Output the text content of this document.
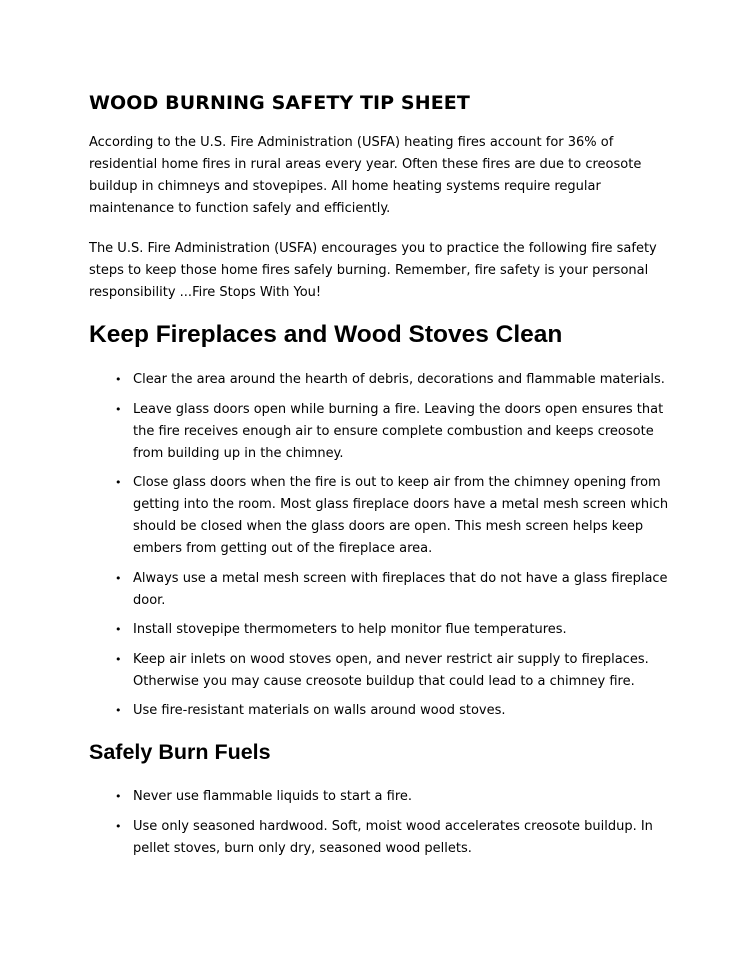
WOOD BURNING SAFETY TIP SHEET

According to the U.S. Fire Administration (USFA) heating fires account for 36% of residential home fires in rural areas every year. Often these fires are due to creosote buildup in chimneys and stovepipes. All home heating systems require regular maintenance to function safely and efficiently.

The U.S. Fire Administration (USFA) encourages you to practice the following fire safety steps to keep those home fires safely burning. Remember, fire safety is your personal responsibility ...Fire Stops With You!

Keep Fireplaces and Wood Stoves Clean
• Clear the area around the hearth of debris, decorations and flammable materials.
• Leave glass doors open while burning a fire. Leaving the doors open ensures that the fire receives enough air to ensure complete combustion and keeps creosote from building up in the chimney.
• Close glass doors when the fire is out to keep air from the chimney opening from getting into the room. Most glass fireplace doors have a metal mesh screen which should be closed when the glass doors are open. This mesh screen helps keep embers from getting out of the fireplace area.
• Always use a metal mesh screen with fireplaces that do not have a glass fireplace door.
• Install stovepipe thermometers to help monitor flue temperatures.
• Keep air inlets on wood stoves open, and never restrict air supply to fireplaces. Otherwise you may cause creosote buildup that could lead to a chimney fire.
• Use fire-resistant materials on walls around wood stoves.
Safely Burn Fuels
• Never use flammable liquids to start a fire.
• Use only seasoned hardwood. Soft, moist wood accelerates creosote buildup. In pellet stoves, burn only dry, seasoned wood pellets.
